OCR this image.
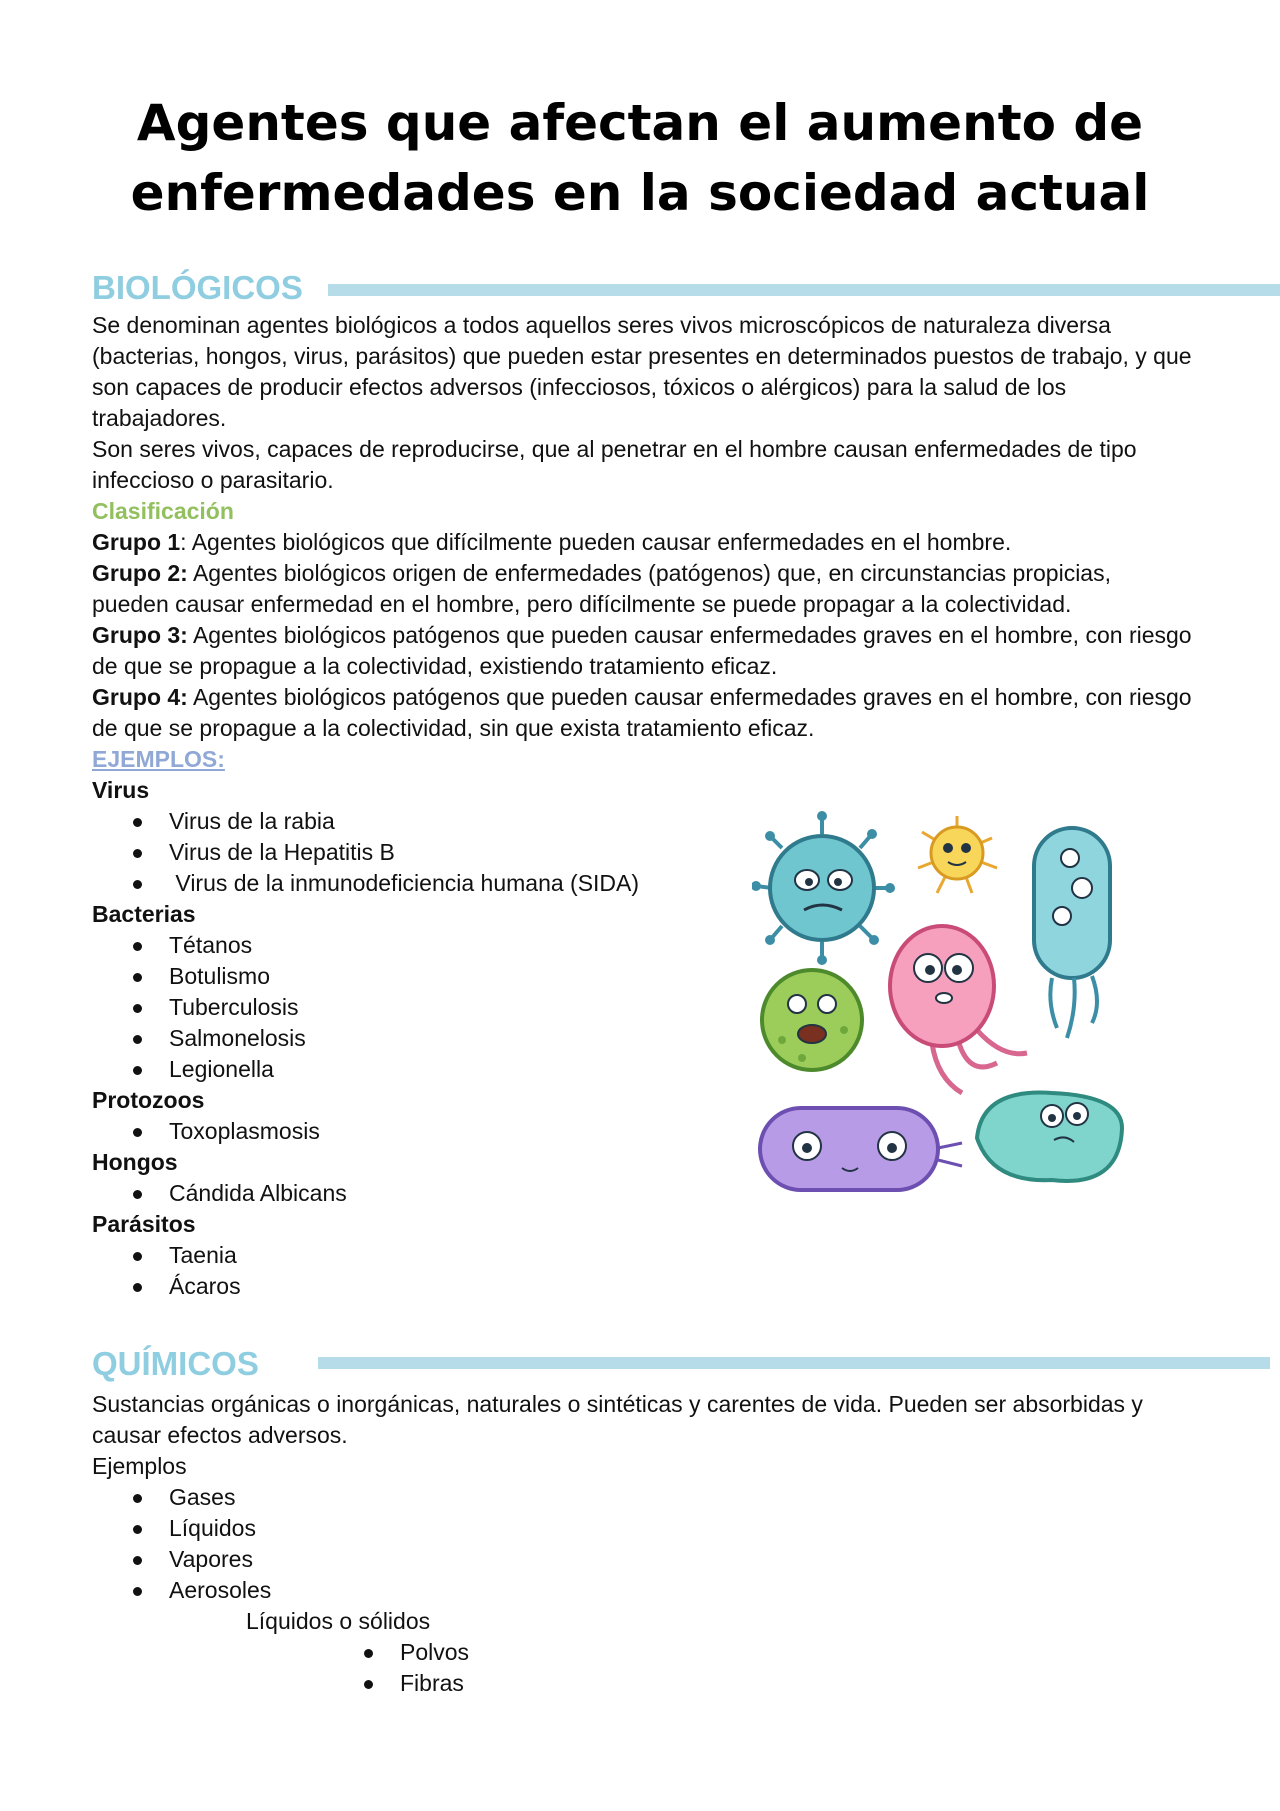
Agentes que afectan el aumento de
enfermedades en la sociedad actual
BIOLÓGICOS

Se denominan agentes biológicos a todos aquellos seres vivos microscópicos de naturaleza diversa (bacterias, hongos, virus, parásitos) que pueden estar presentes en determinados puestos de trabajo, y que son capaces de producir efectos adversos (infecciosos, tóxicos o alérgicos) para la salud de los trabajadores.

Son seres vivos, capaces de reproducirse, que al penetrar en el hombre causan enfermedades de tipo infeccioso o parasitario.

Clasificación

Grupo 1: Agentes biológicos que difícilmente pueden causar enfermedades en el hombre.

Grupo 2: Agentes biológicos origen de enfermedades (patógenos) que, en circunstancias propicias, pueden causar enfermedad en el hombre, pero difícilmente se puede propagar a la colectividad.

Grupo 3: Agentes biológicos patógenos que pueden causar enfermedades graves en el hombre, con riesgo de que se propague a la colectividad, existiendo tratamiento eficaz.

Grupo 4: Agentes biológicos patógenos que pueden causar enfermedades graves en el hombre, con riesgo de que se propague a la colectividad, sin que exista tratamiento eficaz.

EJEMPLOS:

Virus

Virus de la rabia
Virus de la Hepatitis B
Virus de la inmunodeficiencia humana (SIDA)

Bacterias

Tétanos
Botulismo
Tuberculosis
Salmonelosis
Legionella

Protozoos

Toxoplasmosis

Hongos

Cándida Albicans

Parásitos

Taenia
Ácaros
QUÍMICOS

Sustancias orgánicas o inorgánicas, naturales o sintéticas y carentes de vida. Pueden ser absorbidas y causar efectos adversos.

Ejemplos

Gases
Líquidos
Vapores
Aerosoles

Líquidos o sólidos

Polvos
Fibras
